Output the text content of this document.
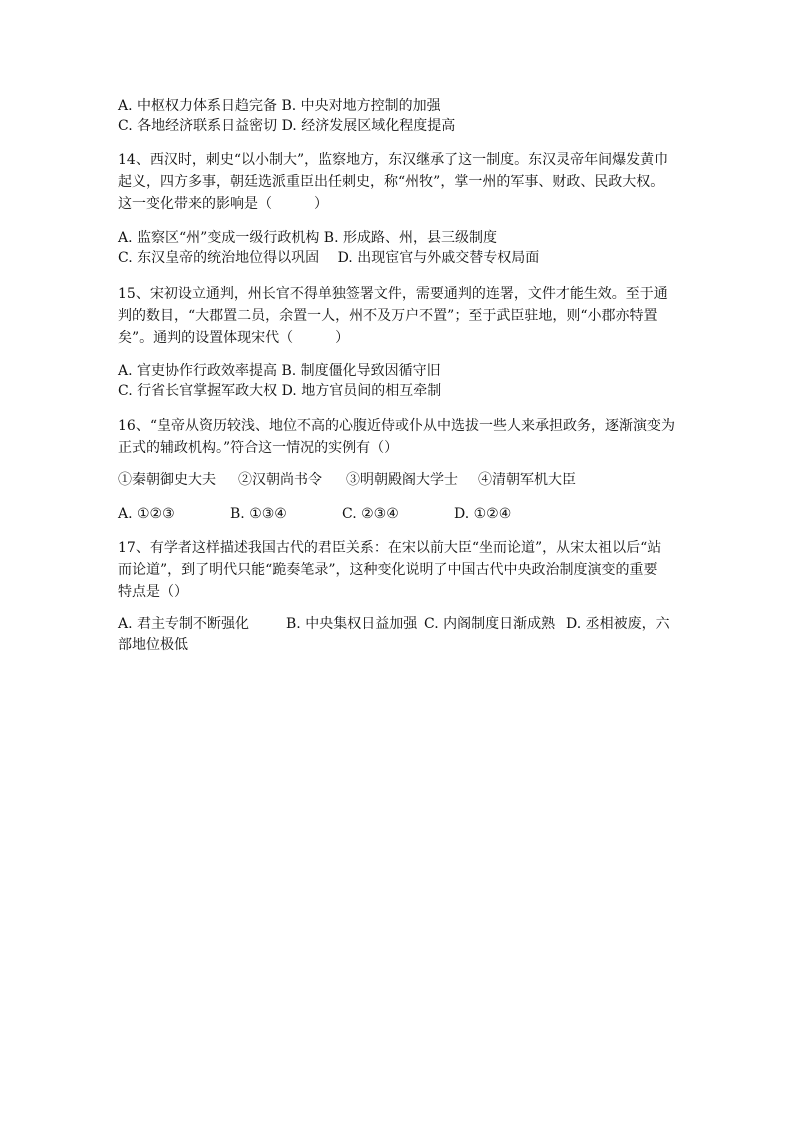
A. 中枢权力体系日趋完备 B. 中央对地方控制的加强
C. 各地经济联系日益密切 D. 经济发展区域化程度提高
14、西汉时，刺史“以小制大”，监察地方，东汉继承了这一制度。东汉灵帝年间爆发黄巾
起义，四方多事，朝廷选派重臣出任刺史，称“州牧”，掌一州的军事、财政、民政大权。
这一变化带来的影响是（　　　）
A. 监察区“州”变成一级行政机构 B. 形成路、州，县三级制度
C. 东汉皇帝的统治地位得以巩固　 D. 出现宦官与外戚交替专权局面
15、宋初设立通判，州长官不得单独签署文件，需要通判的连署，文件才能生效。至于通
判的数目，“大郡置二员，余置一人，州不及万户不置”；至于武臣驻地，则“小郡亦特置
矣”。通判的设置体现宋代（　　　）
A. 官吏协作行政效率提高 B. 制度僵化导致因循守旧
C. 行省长官掌握军政大权 D. 地方官员间的相互牵制
16、“皇帝从资历较浅、地位不高的心腹近侍或仆从中选拔一些人来承担政务，逐渐演变为
正式的辅政机构。”符合这一情况的实例有（）
①秦朝御史大夫 ②汉朝尚书令 ③明朝殿阁大学士 ④清朝军机大臣
A. ①②③	B. ①③④	C. ②③④	D. ①②④
17、有学者这样描述我国古代的君臣关系：在宋以前大臣“坐而论道”，从宋太祖以后“站
而论道”，到了明代只能“跪奏笔录”，这种变化说明了中国古代中央政治制度演变的重要
特点是（）
A. 君主专制不断强化	B. 中央集权日益加强 C. 内阁制度日渐成熟 D. 丞相被废，六
部地位极低
